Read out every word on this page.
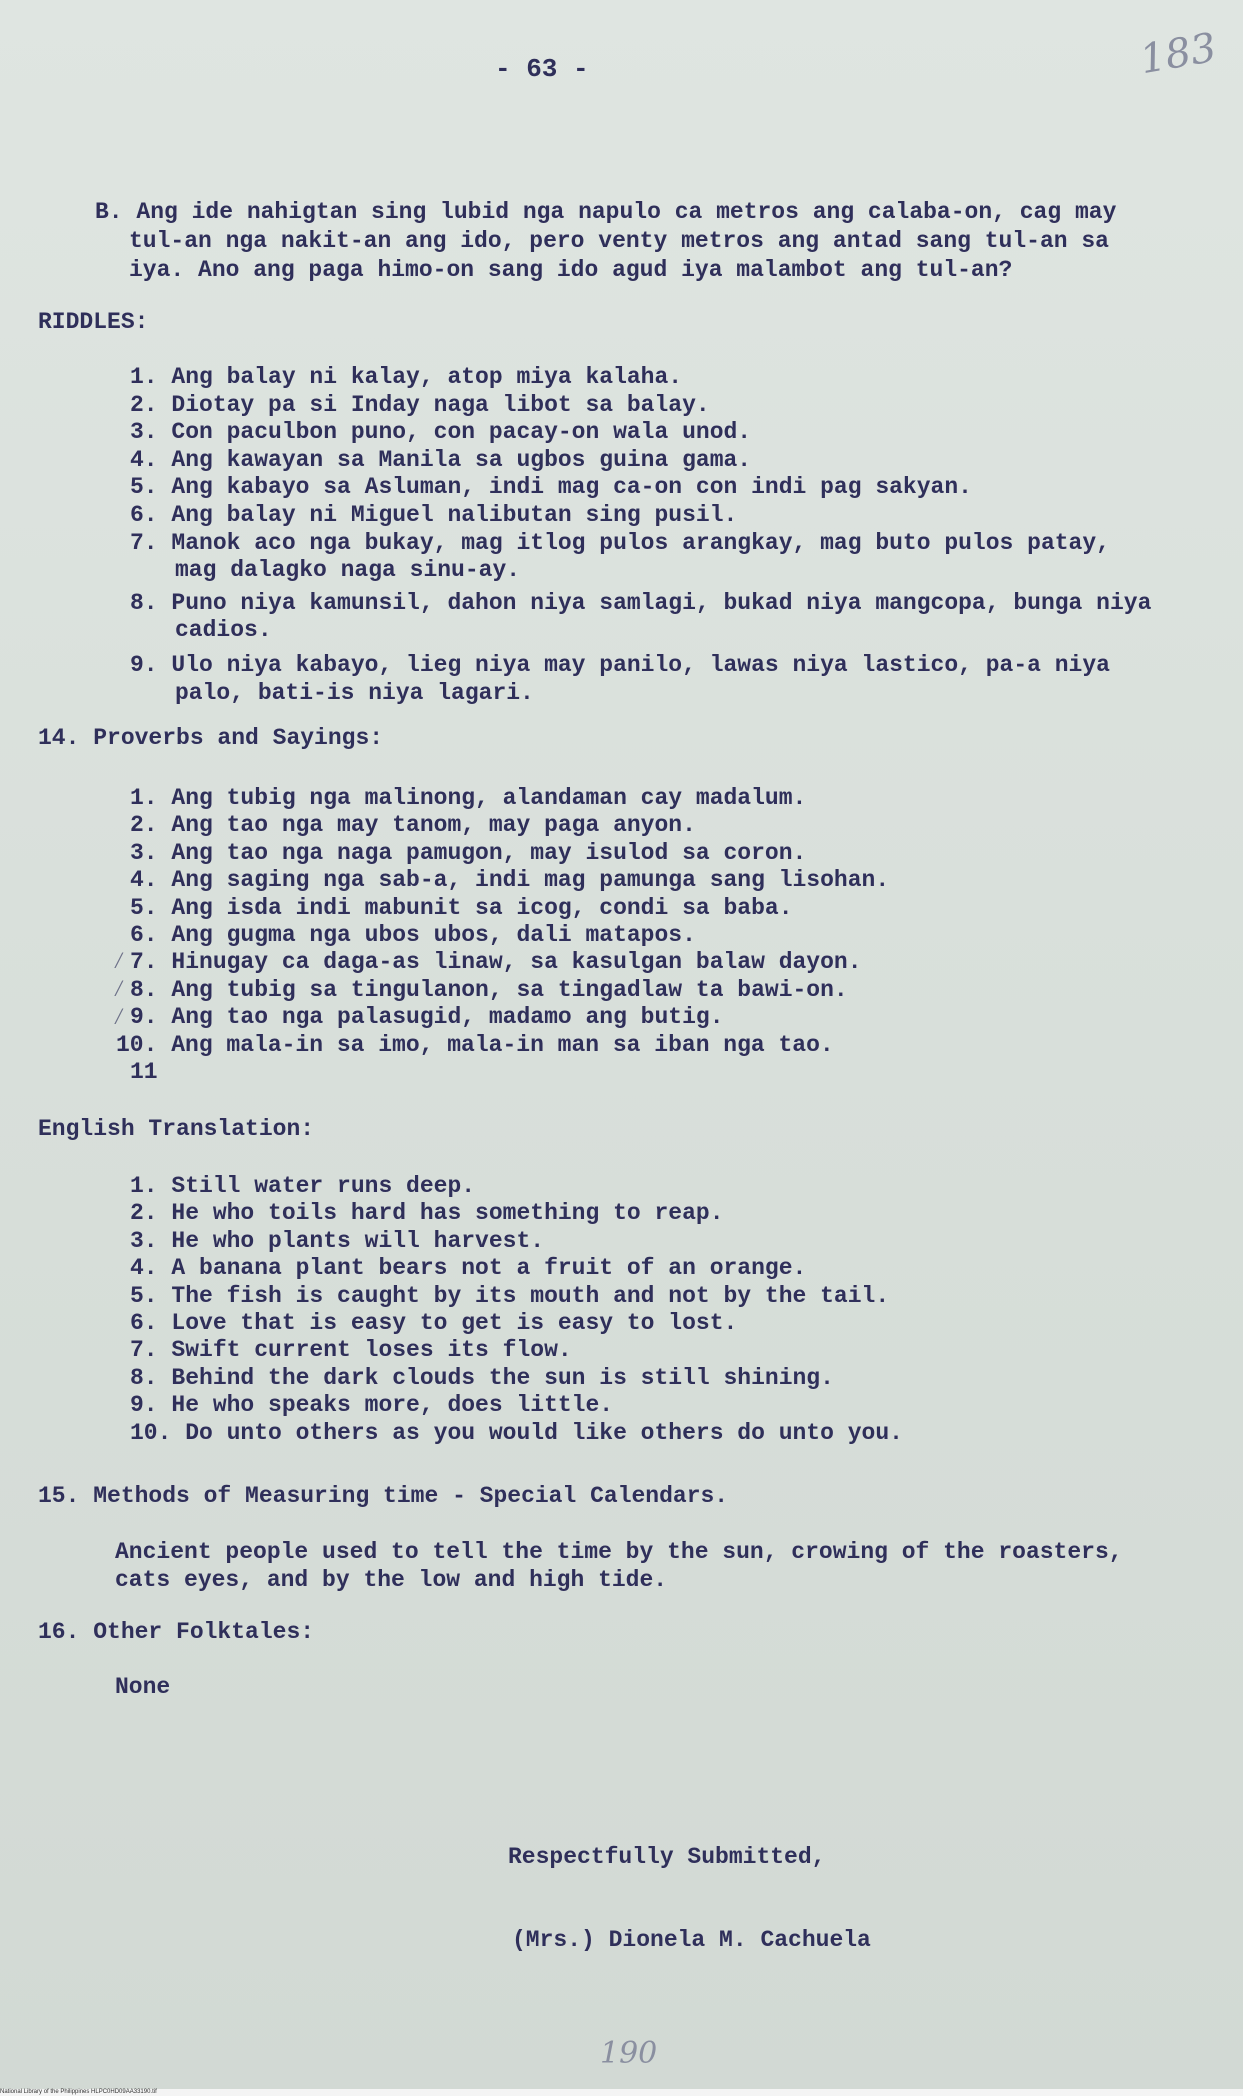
- 63 -	183
B. Ang ide nahigtan sing lubid nga napulo ca metros ang calaba-on, cag may
tul-an nga nakit-an ang ido, pero venty metros ang antad sang tul-an sa
iya. Ano ang paga himo-on sang ido agud iya malambot ang tul-an?
RIDDLES:
1. Ang balay ni kalay, atop miya kalaha.
2. Diotay pa si Inday naga libot sa balay.
3. Con paculbon puno, con pacay-on wala unod.
4. Ang kawayan sa Manila sa ugbos guina gama.
5. Ang kabayo sa Asluman, indi mag ca-on con indi pag sakyan.
6. Ang balay ni Miguel nalibutan sing pusil.
7. Manok aco nga bukay, mag itlog pulos arangkay, mag buto pulos patay,
mag dalagko naga sinu-ay.
8. Puno niya kamunsil, dahon niya samlagi, bukad niya mangcopa, bunga niya
cadios.
9. Ulo niya kabayo, lieg niya may panilo, lawas niya lastico, pa-a niya
palo, bati-is niya lagari.
14. Proverbs and Sayings:
1. Ang tubig nga malinong, alandaman cay madalum.
2. Ang tao nga may tanom, may paga anyon.
3. Ang tao nga naga pamugon, may isulod sa coron.
4. Ang saging nga sab-a, indi mag pamunga sang lisohan.
5. Ang isda indi mabunit sa icog, condi sa baba.
6. Ang gugma nga ubos ubos, dali matapos.
7. Hinugay ca daga-as linaw, sa kasulgan balaw dayon.
8. Ang tubig sa tingulanon, sa tingadlaw ta bawi-on.
9. Ang tao nga palasugid, madamo ang butig.
10. Ang mala-in sa imo, mala-in man sa iban nga tao.
11
⁄
⁄
⁄
English Translation:
1. Still water runs deep.
2. He who toils hard has something to reap.
3. He who plants will harvest.
4. A banana plant bears not a fruit of an orange.
5. The fish is caught by its mouth and not by the tail.
6. Love that is easy to get is easy to lost.
7. Swift current loses its flow.
8. Behind the dark clouds the sun is still shining.
9. He who speaks more, does little.
10. Do unto others as you would like others do unto you.
15. Methods of Measuring time - Special Calendars.
Ancient people used to tell the time by the sun, crowing of the roasters,
cats eyes, and by the low and high tide.
16. Other Folktales:
None
Respectfully Submitted,
(Mrs.) Dionela M. Cachuela
190
National Library of the Philippines HLPC0HD09AA33190.tif
